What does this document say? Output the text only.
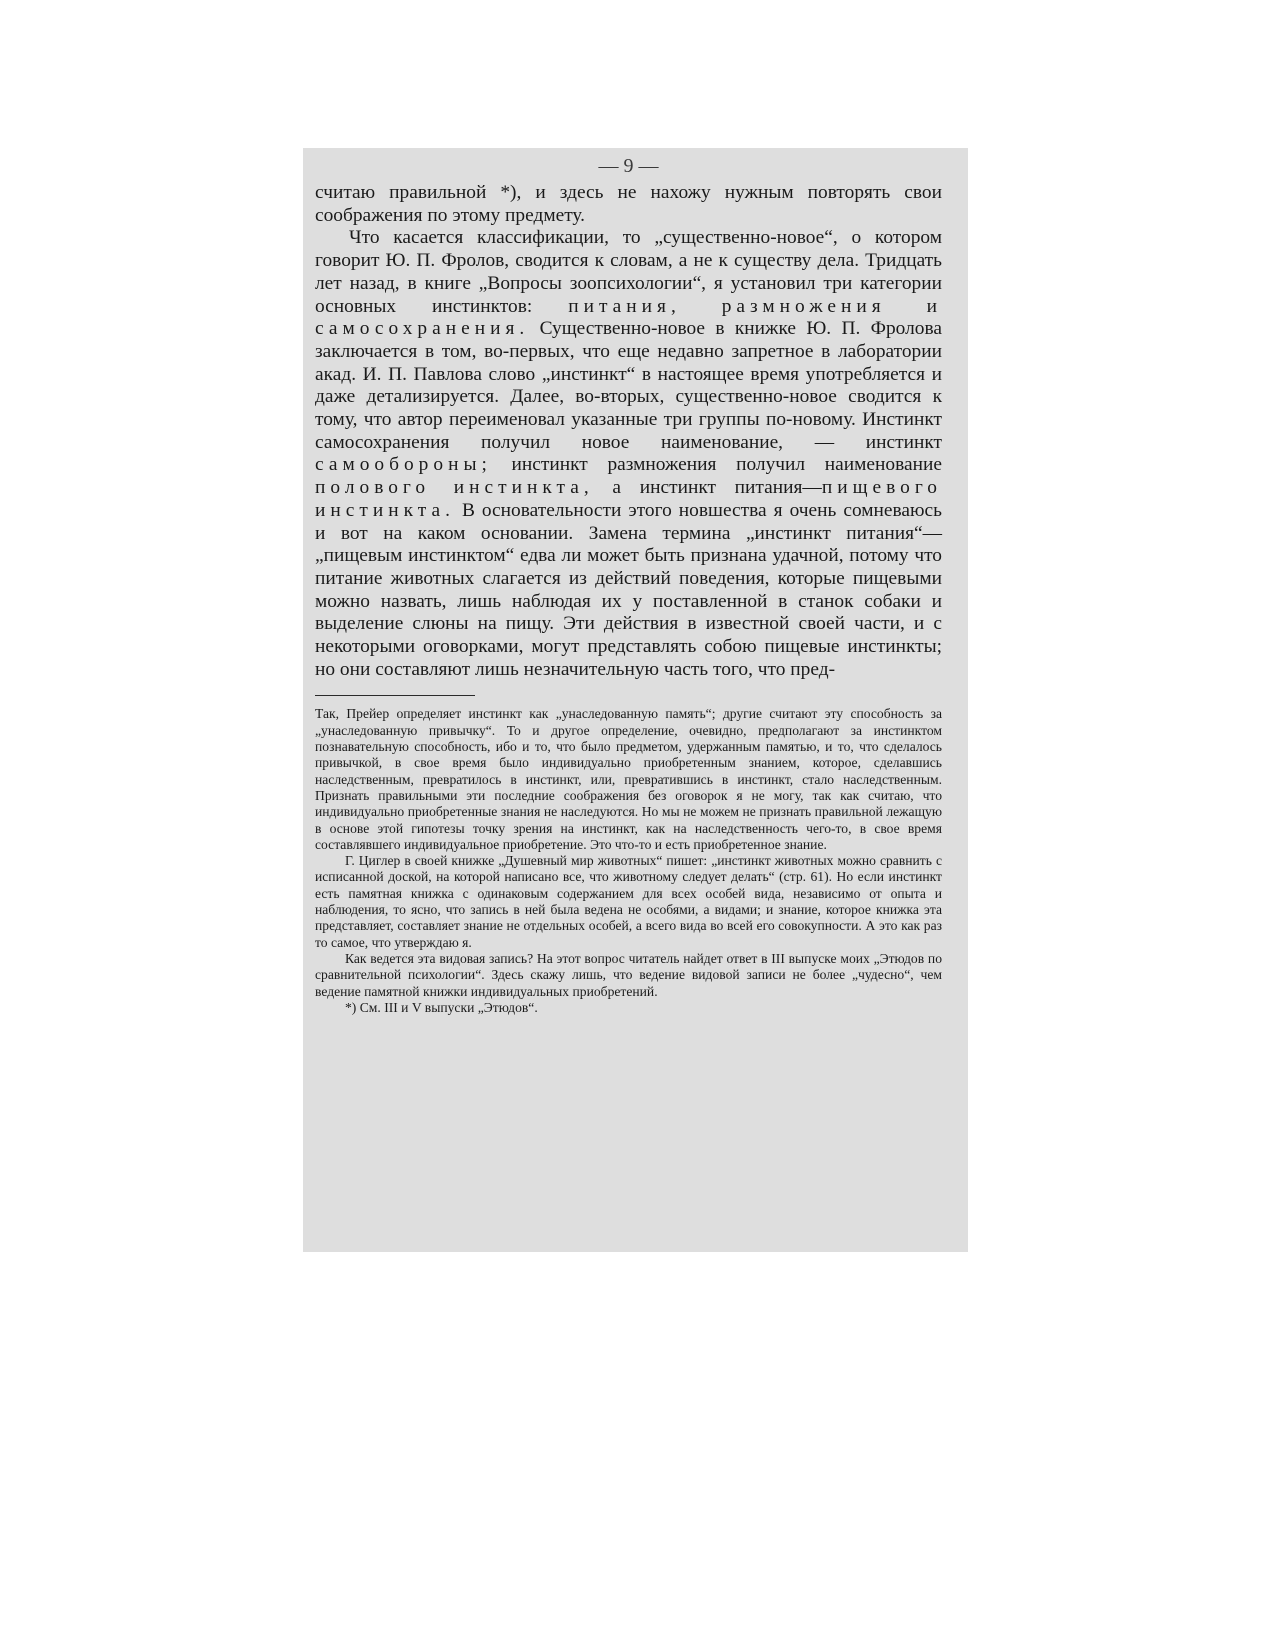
— 9 —

считаю правильной *), и здесь не нахожу нужным повторять свои соображения по этому предмету.

Что касается классификации, то „существенно-новое“, о котором говорит Ю. П. Фролов, сводится к словам, а не к существу дела. Тридцать лет назад, в книге „Вопросы зоопсихологии“, я установил три категории основных инстинктов: питания, размножения и самосохранения. Существенно-новое в книжке Ю. П. Фролова заключается в том, во-первых, что еще недавно запретное в лаборатории акад. И. П. Павлова слово „инстинкт“ в настоящее время употребляется и даже детализируется. Далее, во-вторых, существенно-новое сводится к тому, что автор переименовал указанные три группы по-новому. Инстинкт самосохранения получил новое наименование, — инстинкт самообороны; инстинкт размножения получил наименование полового инстинкта, а инстинкт питания—пищевого инстинкта. В основательности этого новшества я очень сомневаюсь и вот на каком основании. Замена термина „инстинкт питания“— „пищевым инстинктом“ едва ли может быть признана удачной, потому что питание животных слагается из действий поведения, которые пищевыми можно назвать, лишь наблюдая их у поставленной в станок собаки и выделение слюны на пищу. Эти действия в известной своей части, и с некоторыми оговорками, могут представлять собою пищевые инстинкты; но они составляют лишь незначительную часть того, что пред-

Так, Прейер определяет инстинкт как „унаследованную память“; другие считают эту способность за „унаследованную привычку“. То и другое определение, очевидно, предполагают за инстинктом познавательную способность, ибо и то, что было предметом, удержанным памятью, и то, что сделалось привычкой, в свое время было индивидуально приобретенным знанием, которое, сделавшись наследственным, превратилось в инстинкт, или, превратившись в инстинкт, стало наследственным. Признать правильными эти последние соображения без оговорок я не могу, так как считаю, что индивидуально приобретенные знания не наследуются. Но мы не можем не признать правильной лежащую в основе этой гипотезы точку зрения на инстинкт, как на наследственность чего-то, в свое время составлявшего индивидуальное приобретение. Это что-то и есть приобретенное знание.

Г. Циглер в своей книжке „Душевный мир животных“ пишет: „инстинкт животных можно сравнить с исписанной доской, на которой написано все, что животному следует делать“ (стр. 61). Но если инстинкт есть памятная книжка с одинаковым содержанием для всех особей вида, независимо от опыта и наблюдения, то ясно, что запись в ней была ведена не особями, а видами; и знание, которое книжка эта представляет, составляет знание не отдельных особей, а всего вида во всей его совокупности. А это как раз то самое, что утверждаю я.

Как ведется эта видовая запись? На этот вопрос читатель найдет ответ в III выпуске моих „Этюдов по сравнительной психологии“. Здесь скажу лишь, что ведение видовой записи не более „чудесно“, чем ведение памятной книжки индивидуальных приобретений.

*) См. III и V выпуски „Этюдов“.
